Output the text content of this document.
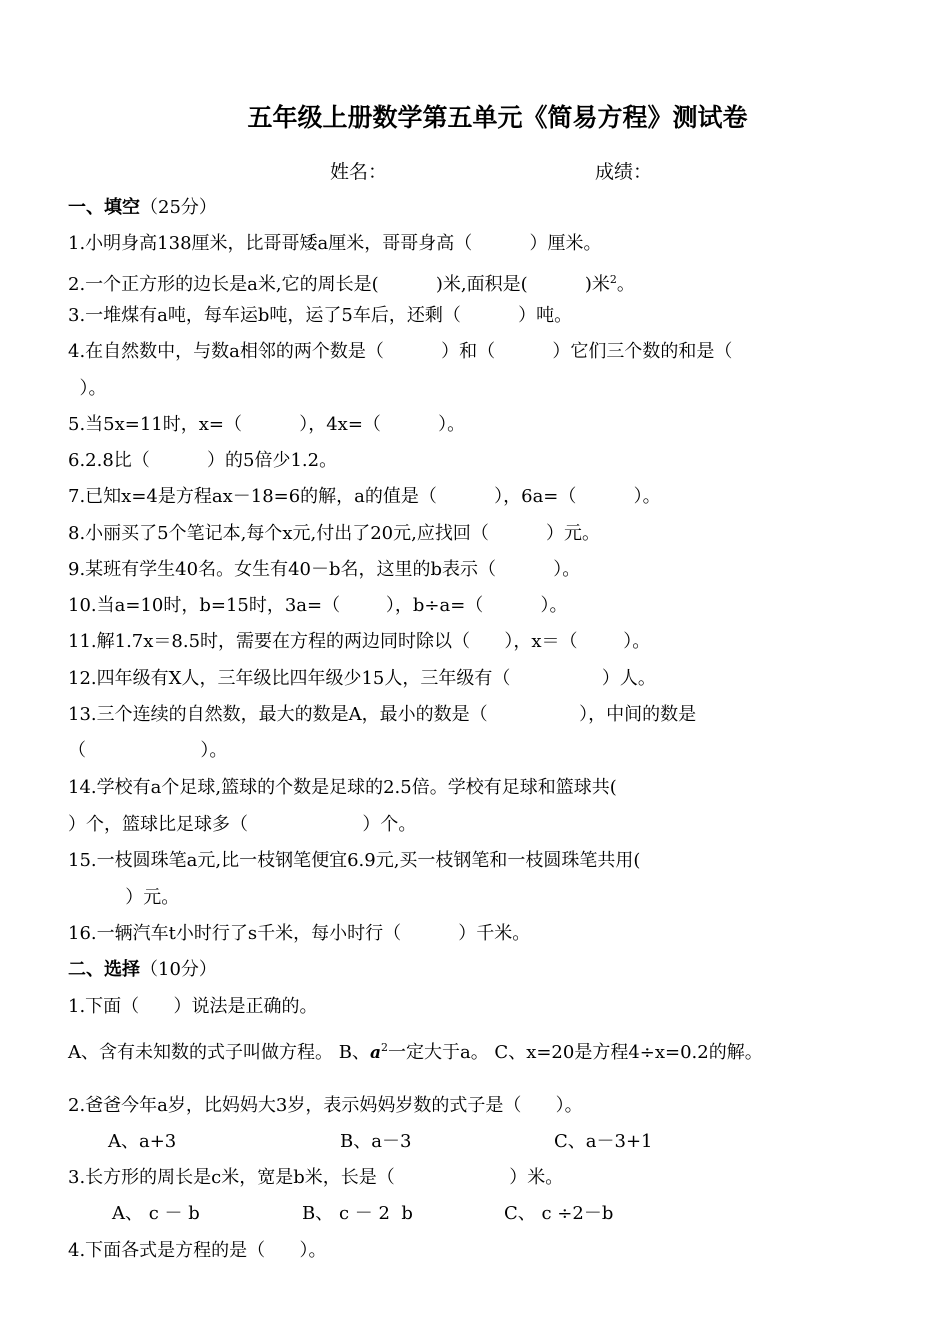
五年级上册数学第五单元《简易方程》测试卷
姓名：	成绩：
一、填空（25分）
1.小明身高138厘米，比哥哥矮a厘米，哥哥身高（          ）厘米。
2.一个正方形的边长是a米,它的周长是(          )米,面积是(          )米$^2$。
3.一堆煤有a吨，每车运b吨，运了5车后，还剩（          ）吨。
4.在自然数中，与数a相邻的两个数是（          ）和（          ）它们三个数的和是（
）。
5.当5x=11时，x=（          ），4x=（          ）。
6.2.8比（          ）的5倍少1.2。
7.已知x=4是方程ax－18=6的解，a的值是（          ），6a=（          ）。
8.小丽买了5个笔记本,每个x元,付出了20元,应找回（          ）元。
9.某班有学生40名。女生有40－b名，这里的b表示（          ）。
10.当a=10时，b=15时，3a=（        ），b÷a=（          ）。
11.解1.7x＝8.5时，需要在方程的两边同时除以（      ），x＝（        ）。
12.四年级有X人，三年级比四年级少15人，三年级有（                ）人。
13.三个连续的自然数，最大的数是A，最小的数是（                ），中间的数是
（                    ）。
14.学校有a个足球,篮球的个数是足球的2.5倍。学校有足球和篮球共(
）个，篮球比足球多（                    ）个。
15.一枝圆珠笔a元,比一枝钢笔便宜6.9元,买一枝钢笔和一枝圆珠笔共用(
）元。
16.一辆汽车t小时行了s千米，每小时行（          ）千米。
二、选择（10分）
1.下面（      ）说法是正确的。
A、含有未知数的式子叫做方程。 B、$a^2$一定大于a。 C、x=20是方程4÷x=0.2的解。
2.爸爸今年a岁，比妈妈大3岁，表示妈妈岁数的式子是（      ）。
A、a+3	B、a－3	C、a－3+1
3.长方形的周长是c米，宽是b米，长是（                    ）米。
A、 c － b	B、 c － 2  b	C、 c ÷2－b
4.下面各式是方程的是（      ）。
